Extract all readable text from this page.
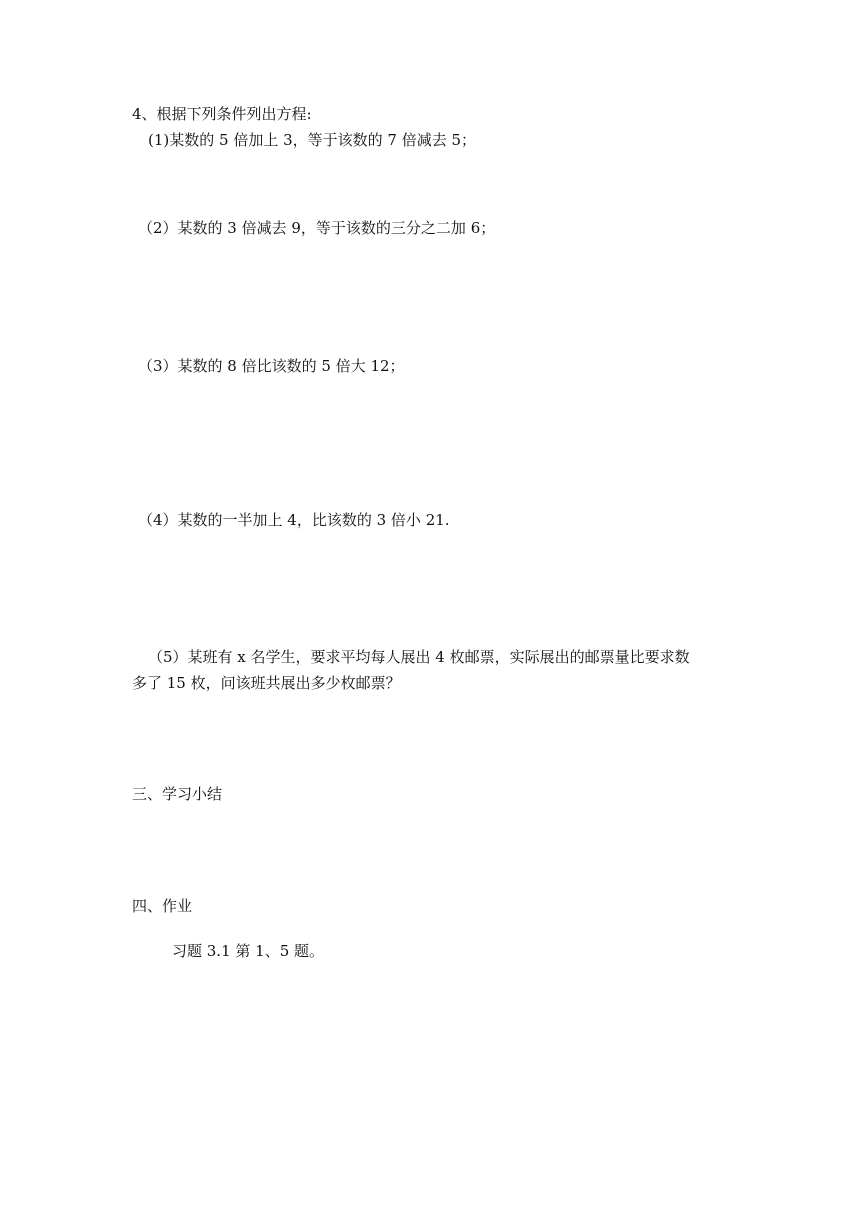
4、根据下列条件列出方程:

(1)某数的 5 倍加上 3，等于该数的 7 倍减去 5；

（2）某数的 3 倍减去 9，等于该数的三分之二加 6；

（3）某数的 8 倍比该数的 5 倍大 12；

（4）某数的一半加上 4，比该数的 3 倍小 21.

（5）某班有 x 名学生，要求平均每人展出 4 枚邮票，实际展出的邮票量比要求数

多了 15 枚，问该班共展出多少枚邮票？

三、学习小结

四、作业

习题 3.1 第 1、5 题。
